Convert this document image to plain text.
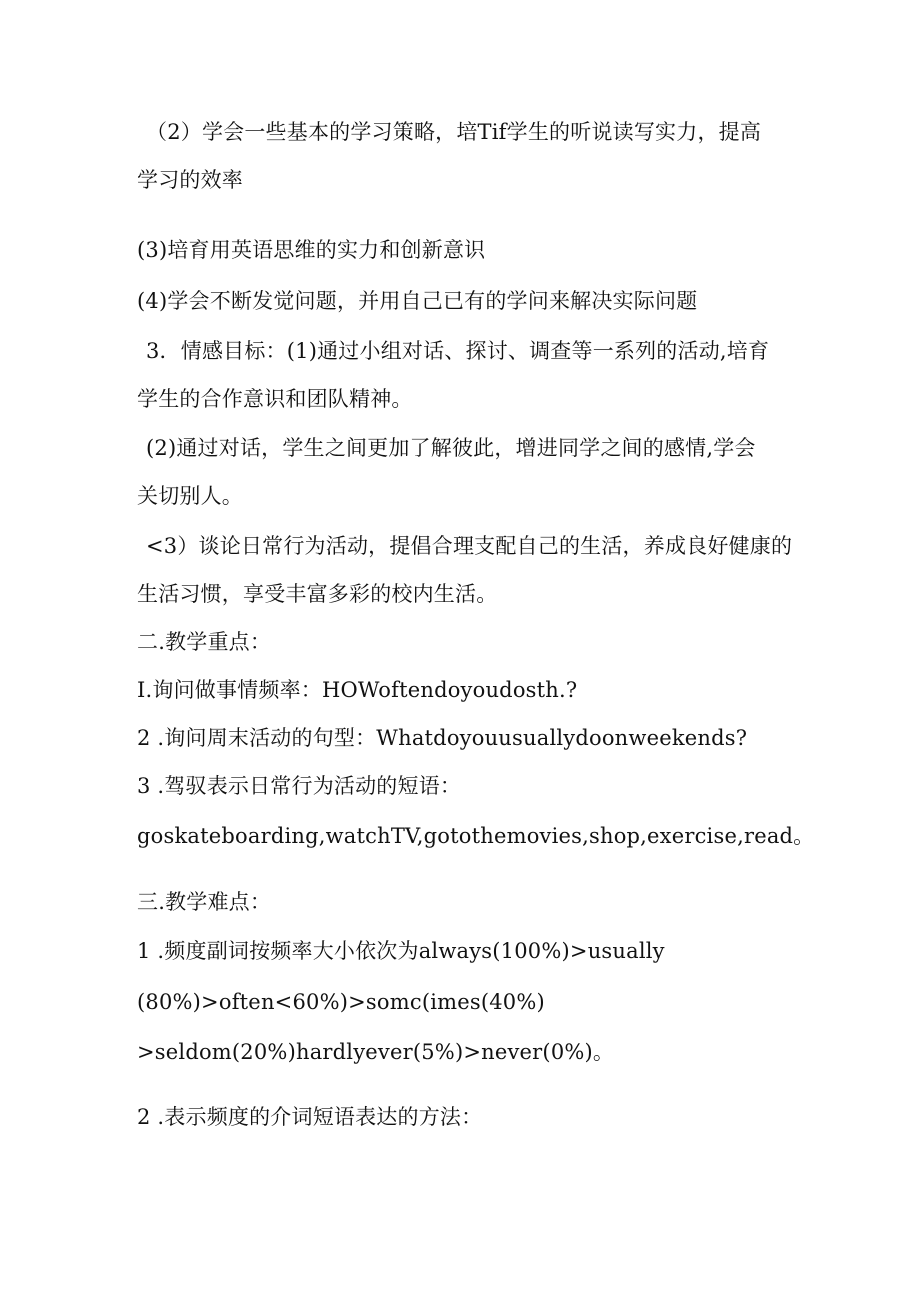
（2）学会一些基本的学习策略，培Tif学生的听说读写实力，提高
学习的效率
(3)培育用英语思维的实力和创新意识
(4)学会不断发觉问题，并用自己已有的学问来解决实际问题
3．情感目标：(1)通过小组对话、探讨、调查等一系列的活动,培育
学生的合作意识和团队精神。
(2)通过对话，学生之间更加了解彼此，增进同学之间的感情,学会
关切别人。
<3）谈论日常行为活动，提倡合理支配自己的生活，养成良好健康的
生活习惯，享受丰富多彩的校内生活。
二.教学重点：
I.询问做事情频率：HOWoftendoyoudosth.?
2 .询问周末活动的句型：Whatdoyouusuallydoonweekends?
3 .驾驭表示日常行为活动的短语：
goskateboarding,watchTV,gotothemovies,shop,exercise,read。
三.教学难点：
1 .频度副词按频率大小依次为always(100%)>usually
(80%)>often<60%)>somc(imes(40%)
>seldom(20%)hardlyever(5%)>never(0%)。
2 .表示频度的介词短语表达的方法：
